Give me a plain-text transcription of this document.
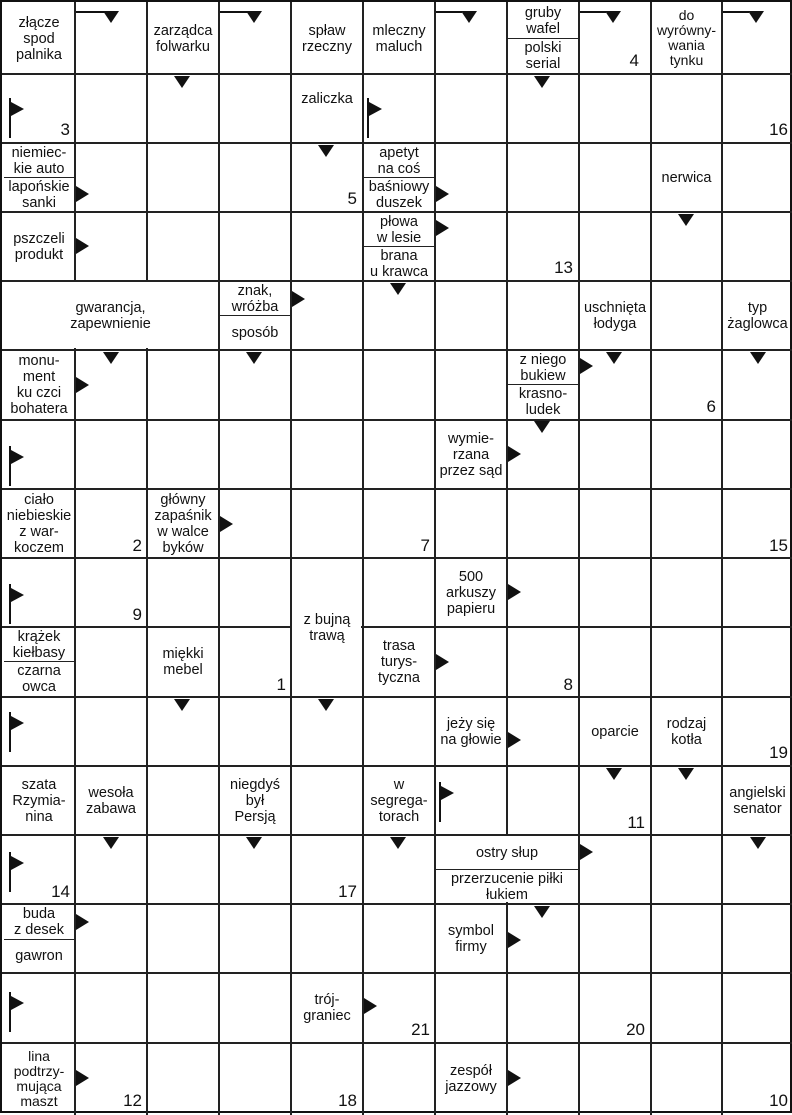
złącze
spod
palnika
zarządca
folwarku
spław
rzeczny
mleczny
maluch
gruby
wafel
polski
serial
do
wyrówny-
wania
tynku
zaliczka
niemiec-
kie auto
lapońskie
sanki
apetyt
na coś
baśniowy
duszek
nerwica
pszczeli
produkt
płowa
w lesie
brana
u krawca
gwarancja,
zapewnienie
znak,
wróżba
sposób
uschnięta
łodyga
typ
żaglowca
monu-
ment
ku czci
bohatera
z niego
bukiew
krasno-
ludek
wymie-
rzana
przez sąd
ciało
niebieskie
z war-
koczem
główny
zapaśnik
w walce
byków
500
arkuszy
papieru
z bujną
trawą
krążek
kiełbasy
czarna
owca
miękki
mebel
trasa
turys-
tyczna
jeży się
na głowie	oparcie	rodzaj
kotła
szata
Rzymia-
nina
wesoła
zabawa
niegdyś
był
Persją
w
segrega-
torach
angielski
senator
ostry słup
przerzucenie piłki
łukiem
buda
z desek
gawron
symbol
firmy
trój-
graniec
lina
podtrzy-
mująca
maszt
zespół
jazzowy
4
3	16
5
13
6
2	7	15
9
1	8
19
11
14	17
20
21
12	18	10
